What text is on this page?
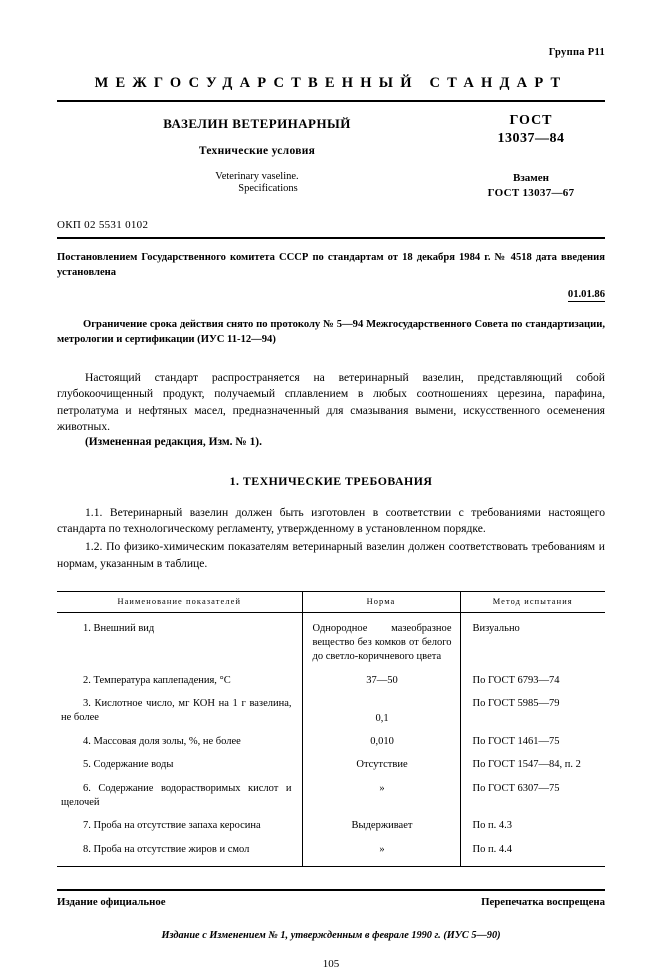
Группа Р11
МЕЖГОСУДАРСТВЕННЫЙ СТАНДАРТ
ВАЗЕЛИН ВЕТЕРИНАРНЫЙ
Технические условия
Veterinary vaseline.
Specifications
ГОСТ
13037—84
Взамен
ГОСТ 13037—67
ОКП 02 5531 0102
Постановлением Государственного комитета СССР по стандартам от 18 декабря 1984 г. № 4518 дата введения установлена
01.01.86
Ограничение срока действия снято по протоколу № 5—94 Межгосударственного Совета по стандартизации, метрологии и сертификации (ИУС 11-12—94)
Настоящий стандарт распространяется на ветеринарный вазелин, представляющий собой глубокоочищенный продукт, получаемый сплавлением в любых соотношениях церезина, парафина, петролатума и нефтяных масел, предназначенный для смазывания вымени, искусственного осеменения животных.
(Измененная редакция, Изм. № 1).
1. ТЕХНИЧЕСКИЕ ТРЕБОВАНИЯ
1.1. Ветеринарный вазелин должен быть изготовлен в соответствии с требованиями настоящего стандарта по технологическому регламенту, утвержденному в установленном порядке.
1.2. По физико-химическим показателям ветеринарный вазелин должен соответствовать требованиям и нормам, указанным в таблице.
Наименование показателей	Норма	Метод испытания
1. Внешний вид	Однородное мазеобразное вещество без комков от белого до светло-коричневого цвета	Визуально

2. Температура каплепадения, °С	37—50	По ГОСТ 6793—74

3. Кислотное число, мг КОН на 1 г вазелина, не более	0,1	По ГОСТ 5985—79

4. Массовая доля золы, %, не более	0,010	По ГОСТ 1461—75

5. Содержание воды	Отсутствие	По ГОСТ 1547—84, п. 2

6. Содержание водорастворимых кислот и щелочей	»	По ГОСТ 6307—75

7. Проба на отсутствие запаха керосина	Выдерживает	По п. 4.3

8. Проба на отсутствие жиров и смол	»	По п. 4.4
Издание официальное	Перепечатка воспрещена
Издание с Изменением № 1, утвержденным в феврале 1990 г. (ИУС 5—90)
105
